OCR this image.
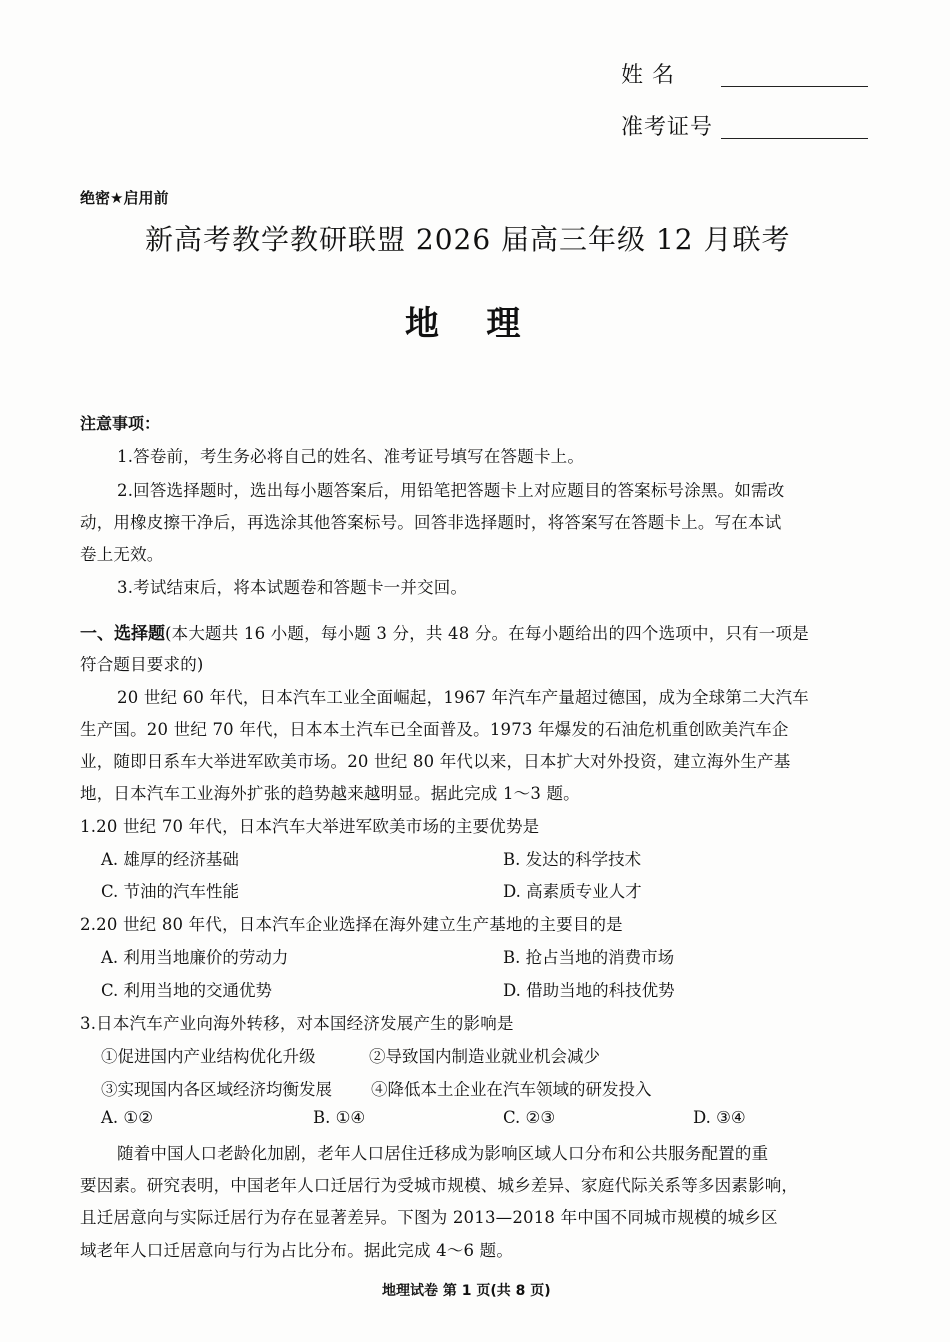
姓 名
准考证号
绝密★启用前
新高考教学教研联盟 2026 届高三年级 12 月联考
地    理
注意事项：
1.答卷前，考生务必将自己的姓名、准考证号填写在答题卡上。
2.回答选择题时，选出每小题答案后，用铅笔把答题卡上对应题目的答案标号涂黑。如需改
动，用橡皮擦干净后，再选涂其他答案标号。回答非选择题时，将答案写在答题卡上。写在本试
卷上无效。
3.考试结束后，将本试题卷和答题卡一并交回。
一、选择题(本大题共 16 小题，每小题 3 分，共 48 分。在每小题给出的四个选项中，只有一项是
符合题目要求的)
20 世纪 60 年代，日本汽车工业全面崛起，1967 年汽车产量超过德国，成为全球第二大汽车
生产国。20 世纪 70 年代，日本本土汽车已全面普及。1973 年爆发的石油危机重创欧美汽车企
业，随即日系车大举进军欧美市场。20 世纪 80 年代以来，日本扩大对外投资，建立海外生产基
地，日本汽车工业海外扩张的趋势越来越明显。据此完成 1～3 题。
1.20 世纪 70 年代，日本汽车大举进军欧美市场的主要优势是
A. 雄厚的经济基础	B. 发达的科学技术
C. 节油的汽车性能	D. 高素质专业人才
2.20 世纪 80 年代，日本汽车企业选择在海外建立生产基地的主要目的是
A. 利用当地廉价的劳动力	B. 抢占当地的消费市场
C. 利用当地的交通优势	D. 借助当地的科技优势
3.日本汽车产业向海外转移，对本国经济发展产生的影响是
①促进国内产业结构优化升级	②导致国内制造业就业机会减少
③实现国内各区域经济均衡发展 ④降低本土企业在汽车领域的研发投入
A. ①②	B. ①④	C. ②③	D. ③④
随着中国人口老龄化加剧，老年人口居住迁移成为影响区域人口分布和公共服务配置的重
要因素。研究表明，中国老年人口迁居行为受城市规模、城乡差异、家庭代际关系等多因素影响，
且迁居意向与实际迁居行为存在显著差异。下图为 2013—2018 年中国不同城市规模的城乡区
域老年人口迁居意向与行为占比分布。据此完成 4～6 题。
地理试卷 第 1 页(共 8 页)
